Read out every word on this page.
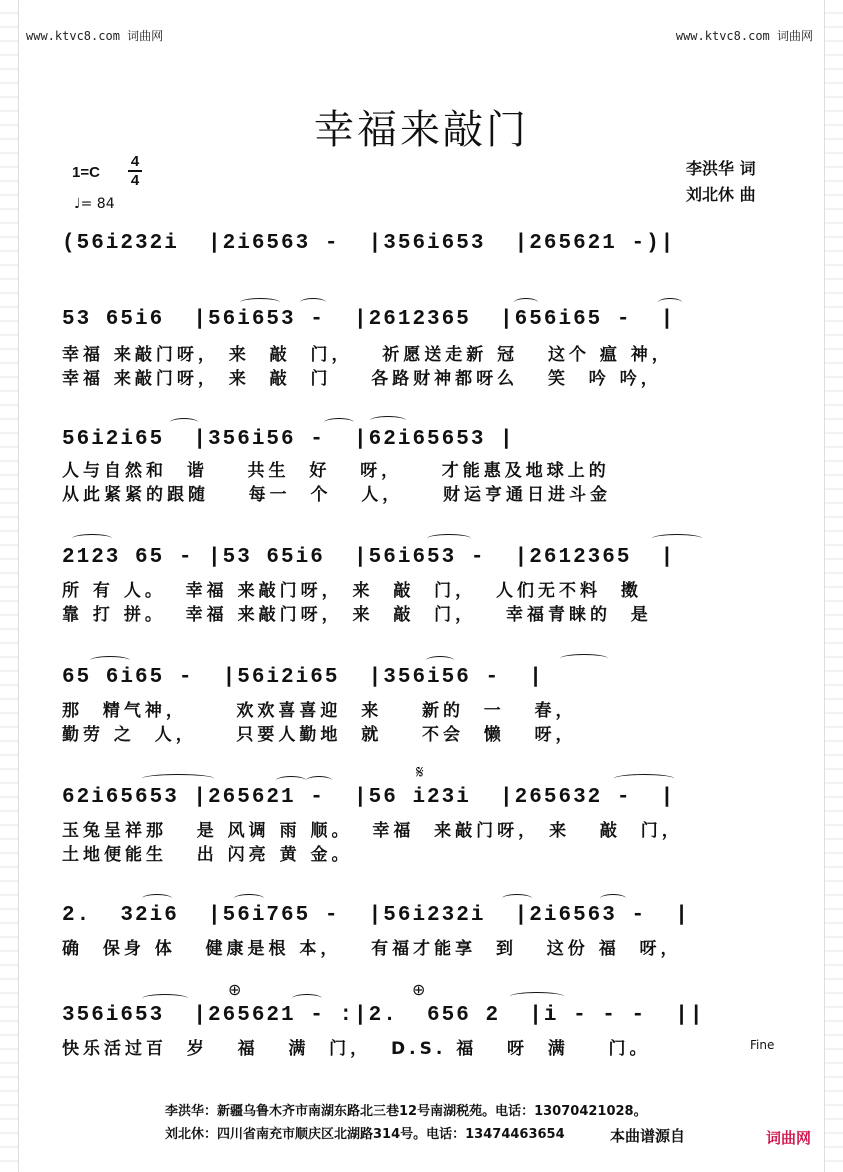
www.ktvc8.com 词曲网	www.ktvc8.com 词曲网
幸福来敲门
1=C
4
4
♩= 84
李洪华 词
刘北休 曲
(56i232i  |2i6563 -  |356i653  |265621 -)|
53 65i6  |56i653 -  |2612365  |656i65 -  |
幸福 来敲门呀， 来  敲  门，   祈愿送走新 冠   这个 瘟 神，
幸福 来敲门呀， 来  敲  门    各路财神都呀么   笑  吟 吟，
56i2i65  |356i56 -  |62i65653 |
人与自然和  谐    共生  好   呀，    才能惠及地球上的
从此紧紧的跟随    每一  个   人，    财运亨通日进斗金
2123 65 - |53 65i6  |56i653 -  |2612365  |
所 有 人。  幸福 来敲门呀， 来  敲  门，  人们无不料  擞
靠 打 拼。  幸福 来敲门呀， 来  敲  门，   幸福青睐的  是
65 6i65 -  |56i2i65  |356i56 -  |
那  精气神，     欢欢喜喜迎  来    新的  一   春，
勤劳 之  人，    只要人勤地  就    不会  懒   呀，
62i65653 |265621 -  |56 i23i  |265632 -  |
𝄋
玉兔呈祥那   是 风调 雨 顺。  幸福  来敲门呀， 来   敲  门，
土地便能生   出 闪亮 黄 金。
2.  32i6  |56i765 -  |56i232i  |2i6563 -  |
确  保身 体   健康是根 本，   有福才能享  到   这份 福  呀，
356i653  |265621 - :|2.  656 2  |i - - -  ||
⊕	⊕
快乐活过百  岁   福   满  门，  D.S. 福   呀  满    门。	Fine
李洪华：新疆乌鲁木齐市南湖东路北三巷12号南湖税苑。电话：13070421028。
刘北休：四川省南充市顺庆区北湖路314号。电话：13474463654	本曲谱源自	词曲网
